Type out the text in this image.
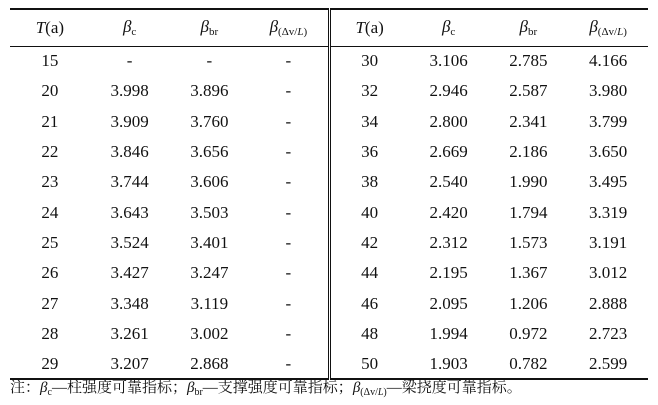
T(a)	$\beta_c$	$\beta_{br}$	$\beta_{(\Delta v/L)}$	T(a)	$\beta_c$	$\beta_{br}$	$\beta_{(\Delta v/L)}$
15	-	-	-	30	3.106	2.785	4.166
20	3.998	3.896	-	32	2.946	2.587	3.980
21	3.909	3.760	-	34	2.800	2.341	3.799
22	3.846	3.656	-	36	2.669	2.186	3.650
23	3.744	3.606	-	38	2.540	1.990	3.495
24	3.643	3.503	-	40	2.420	1.794	3.319
25	3.524	3.401	-	42	2.312	1.573	3.191
26	3.427	3.247	-	44	2.195	1.367	3.012
27	3.348	3.119	-	46	2.095	1.206	2.888
28	3.261	3.002	-	48	1.994	0.972	2.723
29	3.207	2.868	-	50	1.903	0.782	2.599
注：$\beta_c—$柱强度可靠指标；$\beta_{br}—$支撑强度可靠指标；$\beta_{(\Delta v/L)}—$梁挠度可靠指标。
